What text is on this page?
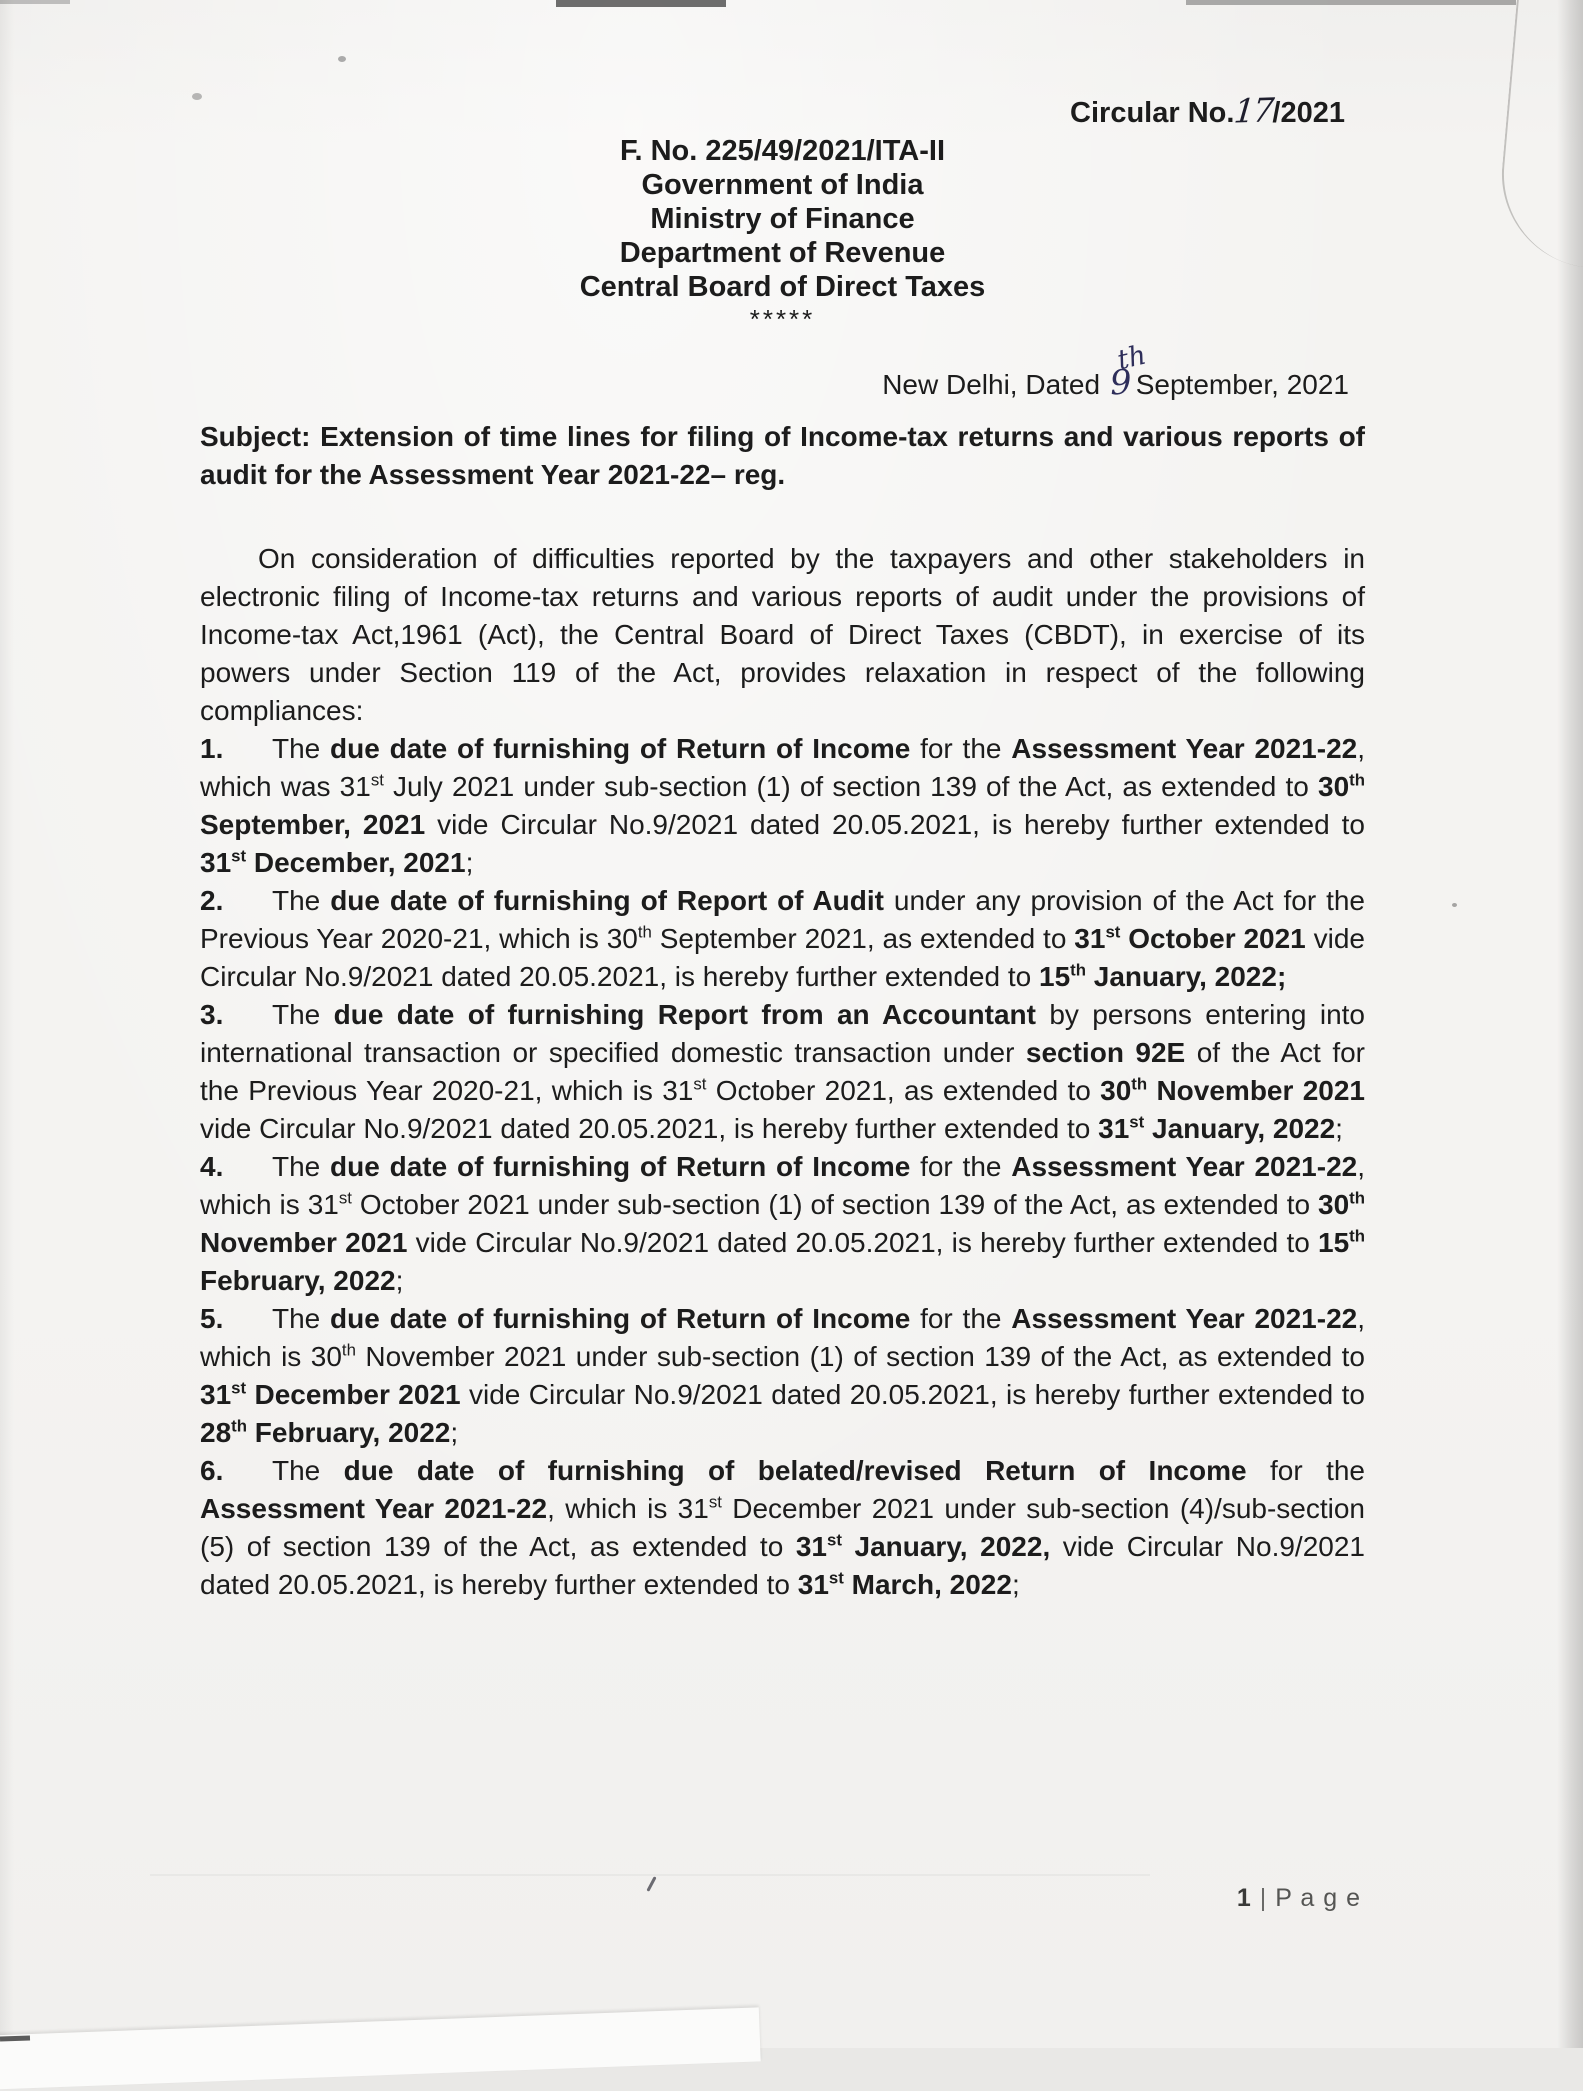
Circular No.17/2021
F. No. 225/49/2021/ITA-II
Government of India
Ministry of Finance
Department of Revenue
Central Board of Direct Taxes
*****
New Delhi, Dated 9
th
September, 2021
Subject: Extension of time lines for filing of Income-tax returns and various reports of audit for the Assessment Year 2021-22– reg.

On consideration of difficulties reported by the taxpayers and other stakeholders in electronic filing of Income-tax returns and various reports of audit under the provisions of Income-tax Act,1961 (Act), the Central Board of Direct Taxes (CBDT), in exercise of its powers under Section 119 of the Act, provides relaxation in respect of the following compliances:

1. The due date of furnishing of Return of Income for the Assessment Year 2021-22, which was 31st July 2021 under sub-section (1) of section 139 of the Act, as extended to 30th September, 2021 vide Circular No.9/2021 dated 20.05.2021, is hereby further extended to 31st December, 2021;

2. The due date of furnishing of Report of Audit under any provision of the Act for the Previous Year 2020-21, which is 30th September 2021, as extended to 31st October 2021 vide Circular No.9/2021 dated 20.05.2021, is hereby further extended to 15th January, 2022;

3. The due date of furnishing Report from an Accountant by persons entering into international transaction or specified domestic transaction under section 92E of the Act for the Previous Year 2020-21, which is 31st October 2021, as extended to 30th November 2021 vide Circular No.9/2021 dated 20.05.2021, is hereby further extended to 31st January, 2022;

4. The due date of furnishing of Return of Income for the Assessment Year 2021-22, which is 31st October 2021 under sub-section (1) of section 139 of the Act, as extended to 30th November 2021 vide Circular No.9/2021 dated 20.05.2021, is hereby further extended to 15th February, 2022;

5. The due date of furnishing of Return of Income for the Assessment Year 2021-22, which is 30th November 2021 under sub-section (1) of section 139 of the Act, as extended to 31st December 2021 vide Circular No.9/2021 dated 20.05.2021, is hereby further extended to 28th February, 2022;

6. The due date of furnishing of belated/revised Return of Income for the Assessment Year 2021-22, which is 31st December 2021 under sub-section (4)/sub-section (5) of section 139 of the Act, as extended to 31st January, 2022, vide Circular No.9/2021 dated 20.05.2021, is hereby further extended to 31st March, 2022;

1 | P a g e
